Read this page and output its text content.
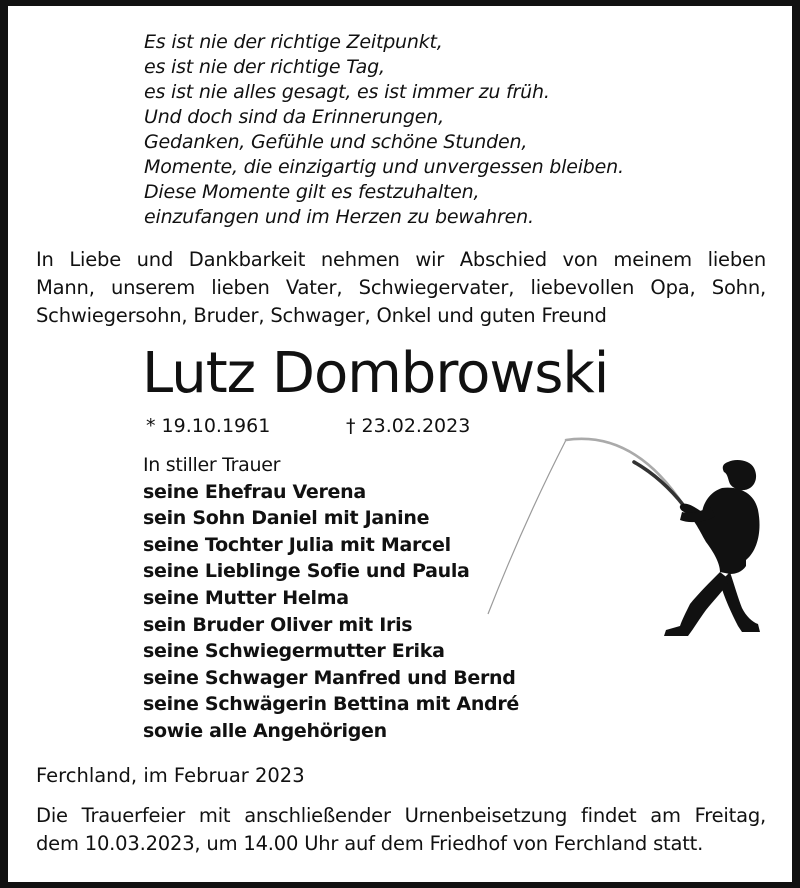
Es ist nie der richtige Zeitpunkt,
es ist nie der richtige Tag,
es ist nie alles gesagt, es ist immer zu früh.
Und doch sind da Erinnerungen,
Gedanken, Gefühle und schöne Stunden,
Momente, die einzigartig und unvergessen bleiben.
Diese Momente gilt es festzuhalten,
einzufangen und im Herzen zu bewahren.
In Liebe und Dankbarkeit nehmen wir Abschied von meinem lieben
Mann, unserem lieben Vater, Schwiegervater, liebevollen Opa, Sohn,
Schwiegersohn, Bruder, Schwager, Onkel und guten Freund
Lutz Dombrowski
* 19.10.1961	† 23.02.2023
In stiller Trauer
seine Ehefrau Verena
sein Sohn Daniel mit Janine
seine Tochter Julia mit Marcel
seine Lieblinge Sofie und Paula
seine Mutter Helma
sein Bruder Oliver mit Iris
seine Schwiegermutter Erika
seine Schwager Manfred und Bernd
seine Schwägerin Bettina mit André
sowie alle Angehörigen
Ferchland, im Februar 2023
Die Trauerfeier mit anschließender Urnenbeisetzung findet am Freitag,
dem 10.03.2023, um 14.00 Uhr auf dem Friedhof von Ferchland statt.
